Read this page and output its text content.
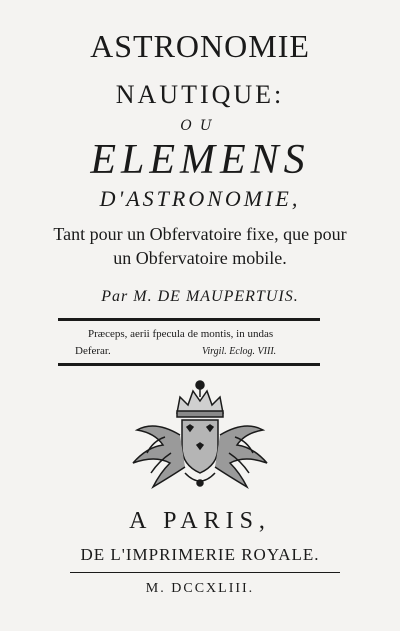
ASTRONOMIE
NAUTIQUE:
OU
ELEMENS
D'ASTRONOMIE,
Tant pour un Obfervatoire fixe, que pour
un Obfervatoire mobile.
Par M. DE MAUPERTUIS.
Præceps, aerii fpecula de montis, in undas
Deferar.	Virgil. Eclog. VIII.
A PARIS,
DE L'IMPRIMERIE ROYALE.
M. DCCXLIII.
